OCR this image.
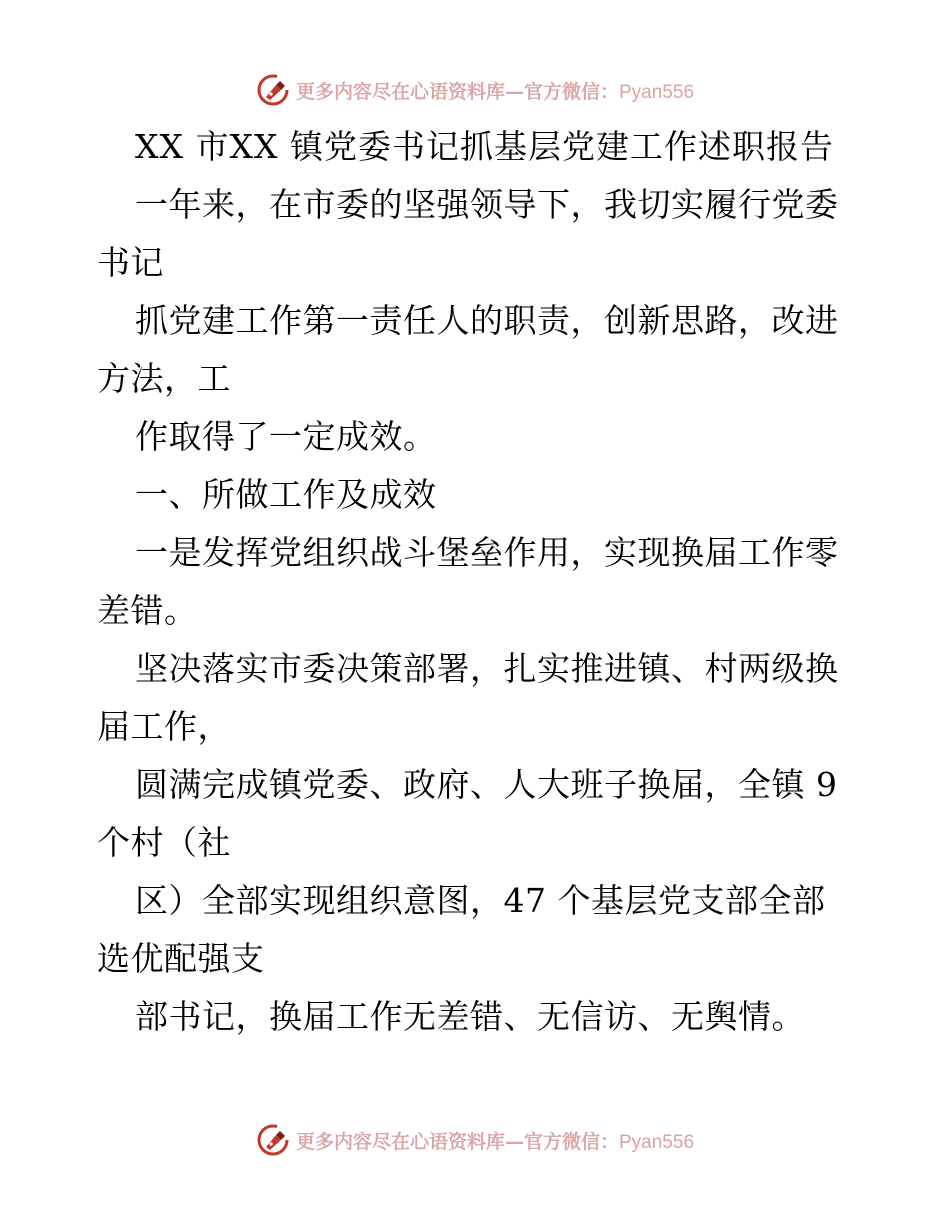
更多内容尽在心语资料库—官方微信：Pyan556
XX 市XX 镇党委书记抓基层党建工作述职报告
一年来，在市委的坚强领导下，我切实履行党委
书记
抓党建工作第一责任人的职责，创新思路，改进
方法，工
作取得了一定成效。
一、所做工作及成效
一是发挥党组织战斗堡垒作用，实现换届工作零
差错。
坚决落实市委决策部署，扎实推进镇、村两级换
届工作，
圆满完成镇党委、政府、人大班子换届，全镇 9
个村（社
区）全部实现组织意图，47 个基层党支部全部
选优配强支
部书记，换届工作无差错、无信访、无舆情。
更多内容尽在心语资料库—官方微信：Pyan556
